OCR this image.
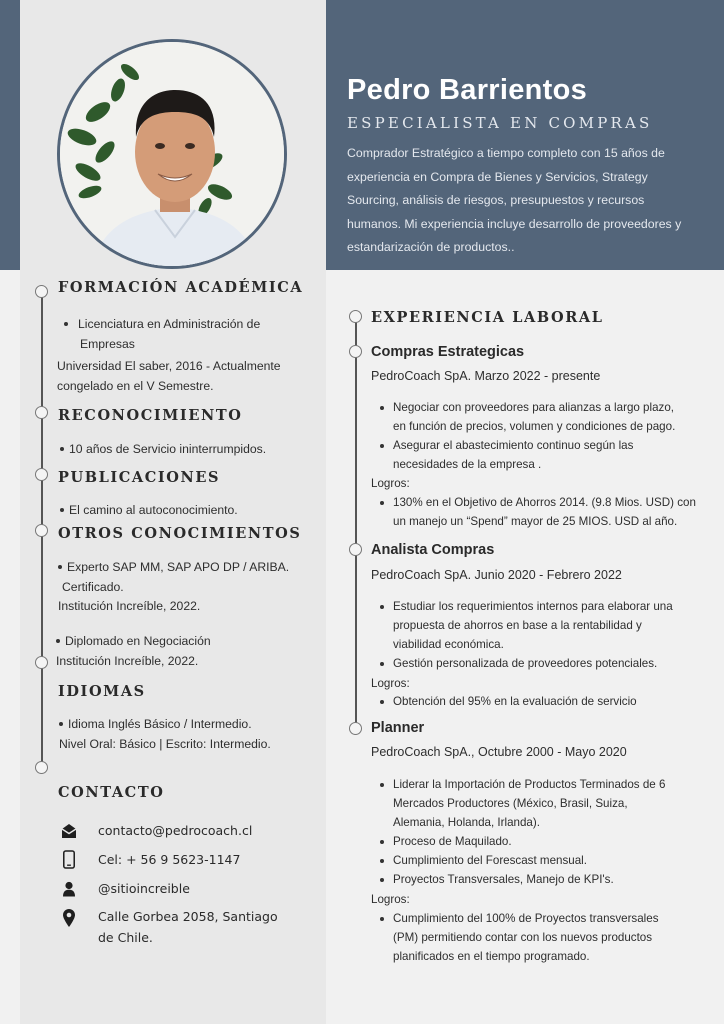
Pedro Barrientos
ESPECIALISTA EN COMPRAS
Comprador Estratégico a tiempo completo con 15 años de experiencia en Compra de Bienes y Servicios, Strategy Sourcing, análisis de riesgos, presupuestos y recursos humanos. Mi experiencia incluye desarrollo de proveedores y estandarización de productos..
FORMACIÓN ACADÉMICA
Licenciatura en Administración de
Empresas
Universidad El saber, 2016 - Actualmente
congelado en el V Semestre.
RECONOCIMIENTO
10 años de Servicio ininterrumpidos.
PUBLICACIONES
El camino al autoconocimiento.
OTROS CONOCIMIENTOS
Experto SAP MM, SAP APO DP / ARIBA.
Certificado.
Institución Increíble, 2022.
Diplomado en Negociación
Institución Increíble, 2022.
IDIOMAS
Idioma Inglés Básico / Intermedio.
Nivel Oral: Básico | Escrito: Intermedio.
CONTACTO
contacto@pedrocoach.cl
Cel: + 56 9 5623-1147
@sitioincreible
Calle Gorbea 2058, Santiago
de Chile.
EXPERIENCIA LABORAL
Compras Estrategicas
PedroCoach SpA. Marzo 2022 - presente
Negociar con proveedores para alianzas a largo plazo,
en función de precios, volumen y condiciones de pago.
Asegurar el abastecimiento continuo según las
necesidades de la empresa .
Logros:
130% en el Objetivo de Ahorros 2014. (9.8 Mios. USD) con
un manejo un “Spend” mayor de 25 MIOS. USD al año.
Analista Compras
PedroCoach SpA. Junio 2020 - Febrero 2022
Estudiar los requerimientos internos para elaborar una
propuesta de ahorros en base a la rentabilidad y
viabilidad económica.
Gestión personalizada de proveedores potenciales.
Logros:
Obtención del 95% en la evaluación de servicio
Planner
PedroCoach SpA., Octubre 2000 - Mayo 2020
Liderar la Importación de Productos Terminados de 6
Mercados Productores (México, Brasil, Suiza,
Alemania, Holanda, Irlanda).
Proceso de Maquilado.
Cumplimiento del Forescast mensual.
Proyectos Transversales, Manejo de KPI's.
Logros:
Cumplimiento del 100% de Proyectos transversales
(PM) permitiendo contar con los nuevos productos
planificados en el tiempo programado.
